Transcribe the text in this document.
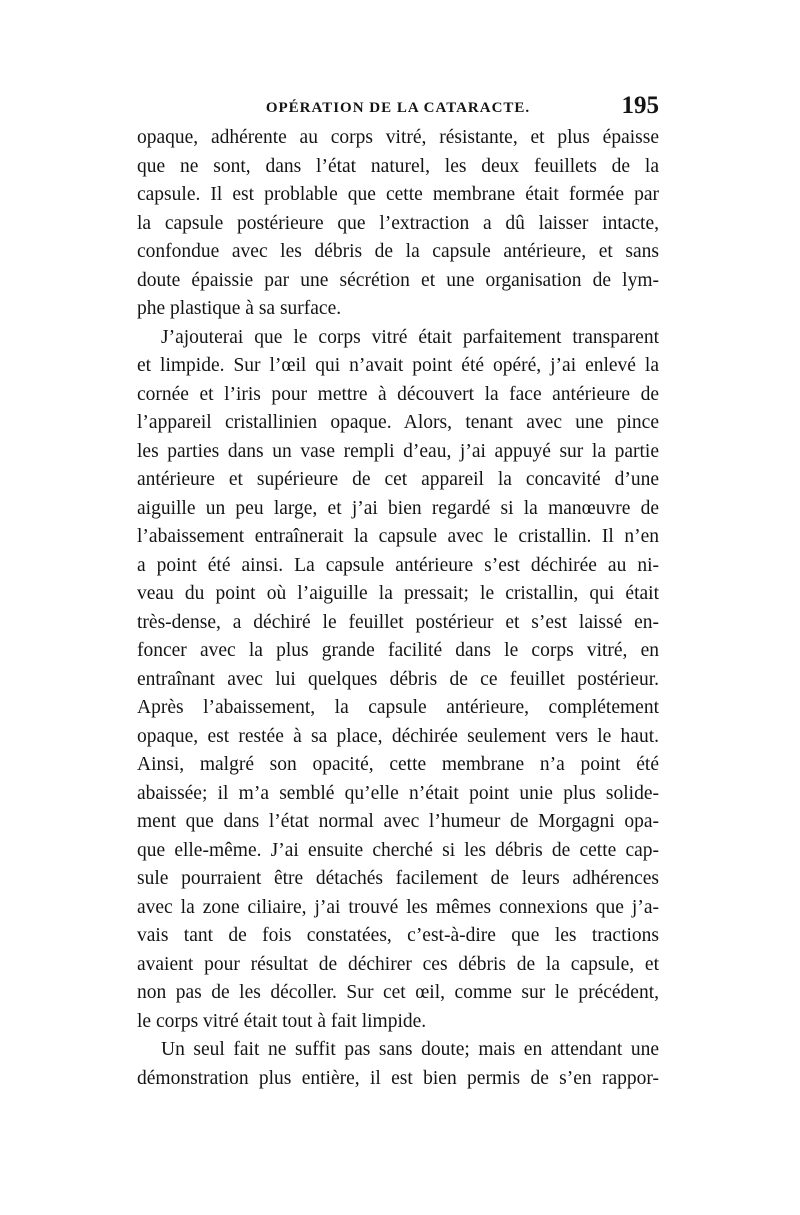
OPÉRATION DE LA CATARACTE.	195
opaque, adhérente au corps vitré, résistante, et plus épaisse
que ne sont, dans l’état naturel, les deux feuillets de la
capsule. Il est problable que cette membrane était formée par
la capsule postérieure que l’extraction a dû laisser intacte,
confondue avec les débris de la capsule antérieure, et sans
doute épaissie par une sécrétion et une organisation de lym-
phe plastique à sa surface.
J’ajouterai que le corps vitré était parfaitement transparent
et limpide. Sur l’œil qui n’avait point été opéré, j’ai enlevé la
cornée et l’iris pour mettre à découvert la face antérieure de
l’appareil cristallinien opaque. Alors, tenant avec une pince
les parties dans un vase rempli d’eau, j’ai appuyé sur la partie
antérieure et supérieure de cet appareil la concavité d’une
aiguille un peu large, et j’ai bien regardé si la manœuvre de
l’abaissement entraînerait la capsule avec le cristallin. Il n’en
a point été ainsi. La capsule antérieure s’est déchirée au ni-
veau du point où l’aiguille la pressait; le cristallin, qui était
très-dense, a déchiré le feuillet postérieur et s’est laissé en-
foncer avec la plus grande facilité dans le corps vitré, en
entraînant avec lui quelques débris de ce feuillet postérieur.
Après l’abaissement, la capsule antérieure, complétement
opaque, est restée à sa place, déchirée seulement vers le haut.
Ainsi, malgré son opacité, cette membrane n’a point été
abaissée; il m’a semblé qu’elle n’était point unie plus solide-
ment que dans l’état normal avec l’humeur de Morgagni opa-
que elle-même. J’ai ensuite cherché si les débris de cette cap-
sule pourraient être détachés facilement de leurs adhérences
avec la zone ciliaire, j’ai trouvé les mêmes connexions que j’a-
vais tant de fois constatées, c’est-à-dire que les tractions
avaient pour résultat de déchirer ces débris de la capsule, et
non pas de les décoller. Sur cet œil, comme sur le précédent,
le corps vitré était tout à fait limpide.
Un seul fait ne suffit pas sans doute; mais en attendant une
démonstration plus entière, il est bien permis de s’en rappor-
